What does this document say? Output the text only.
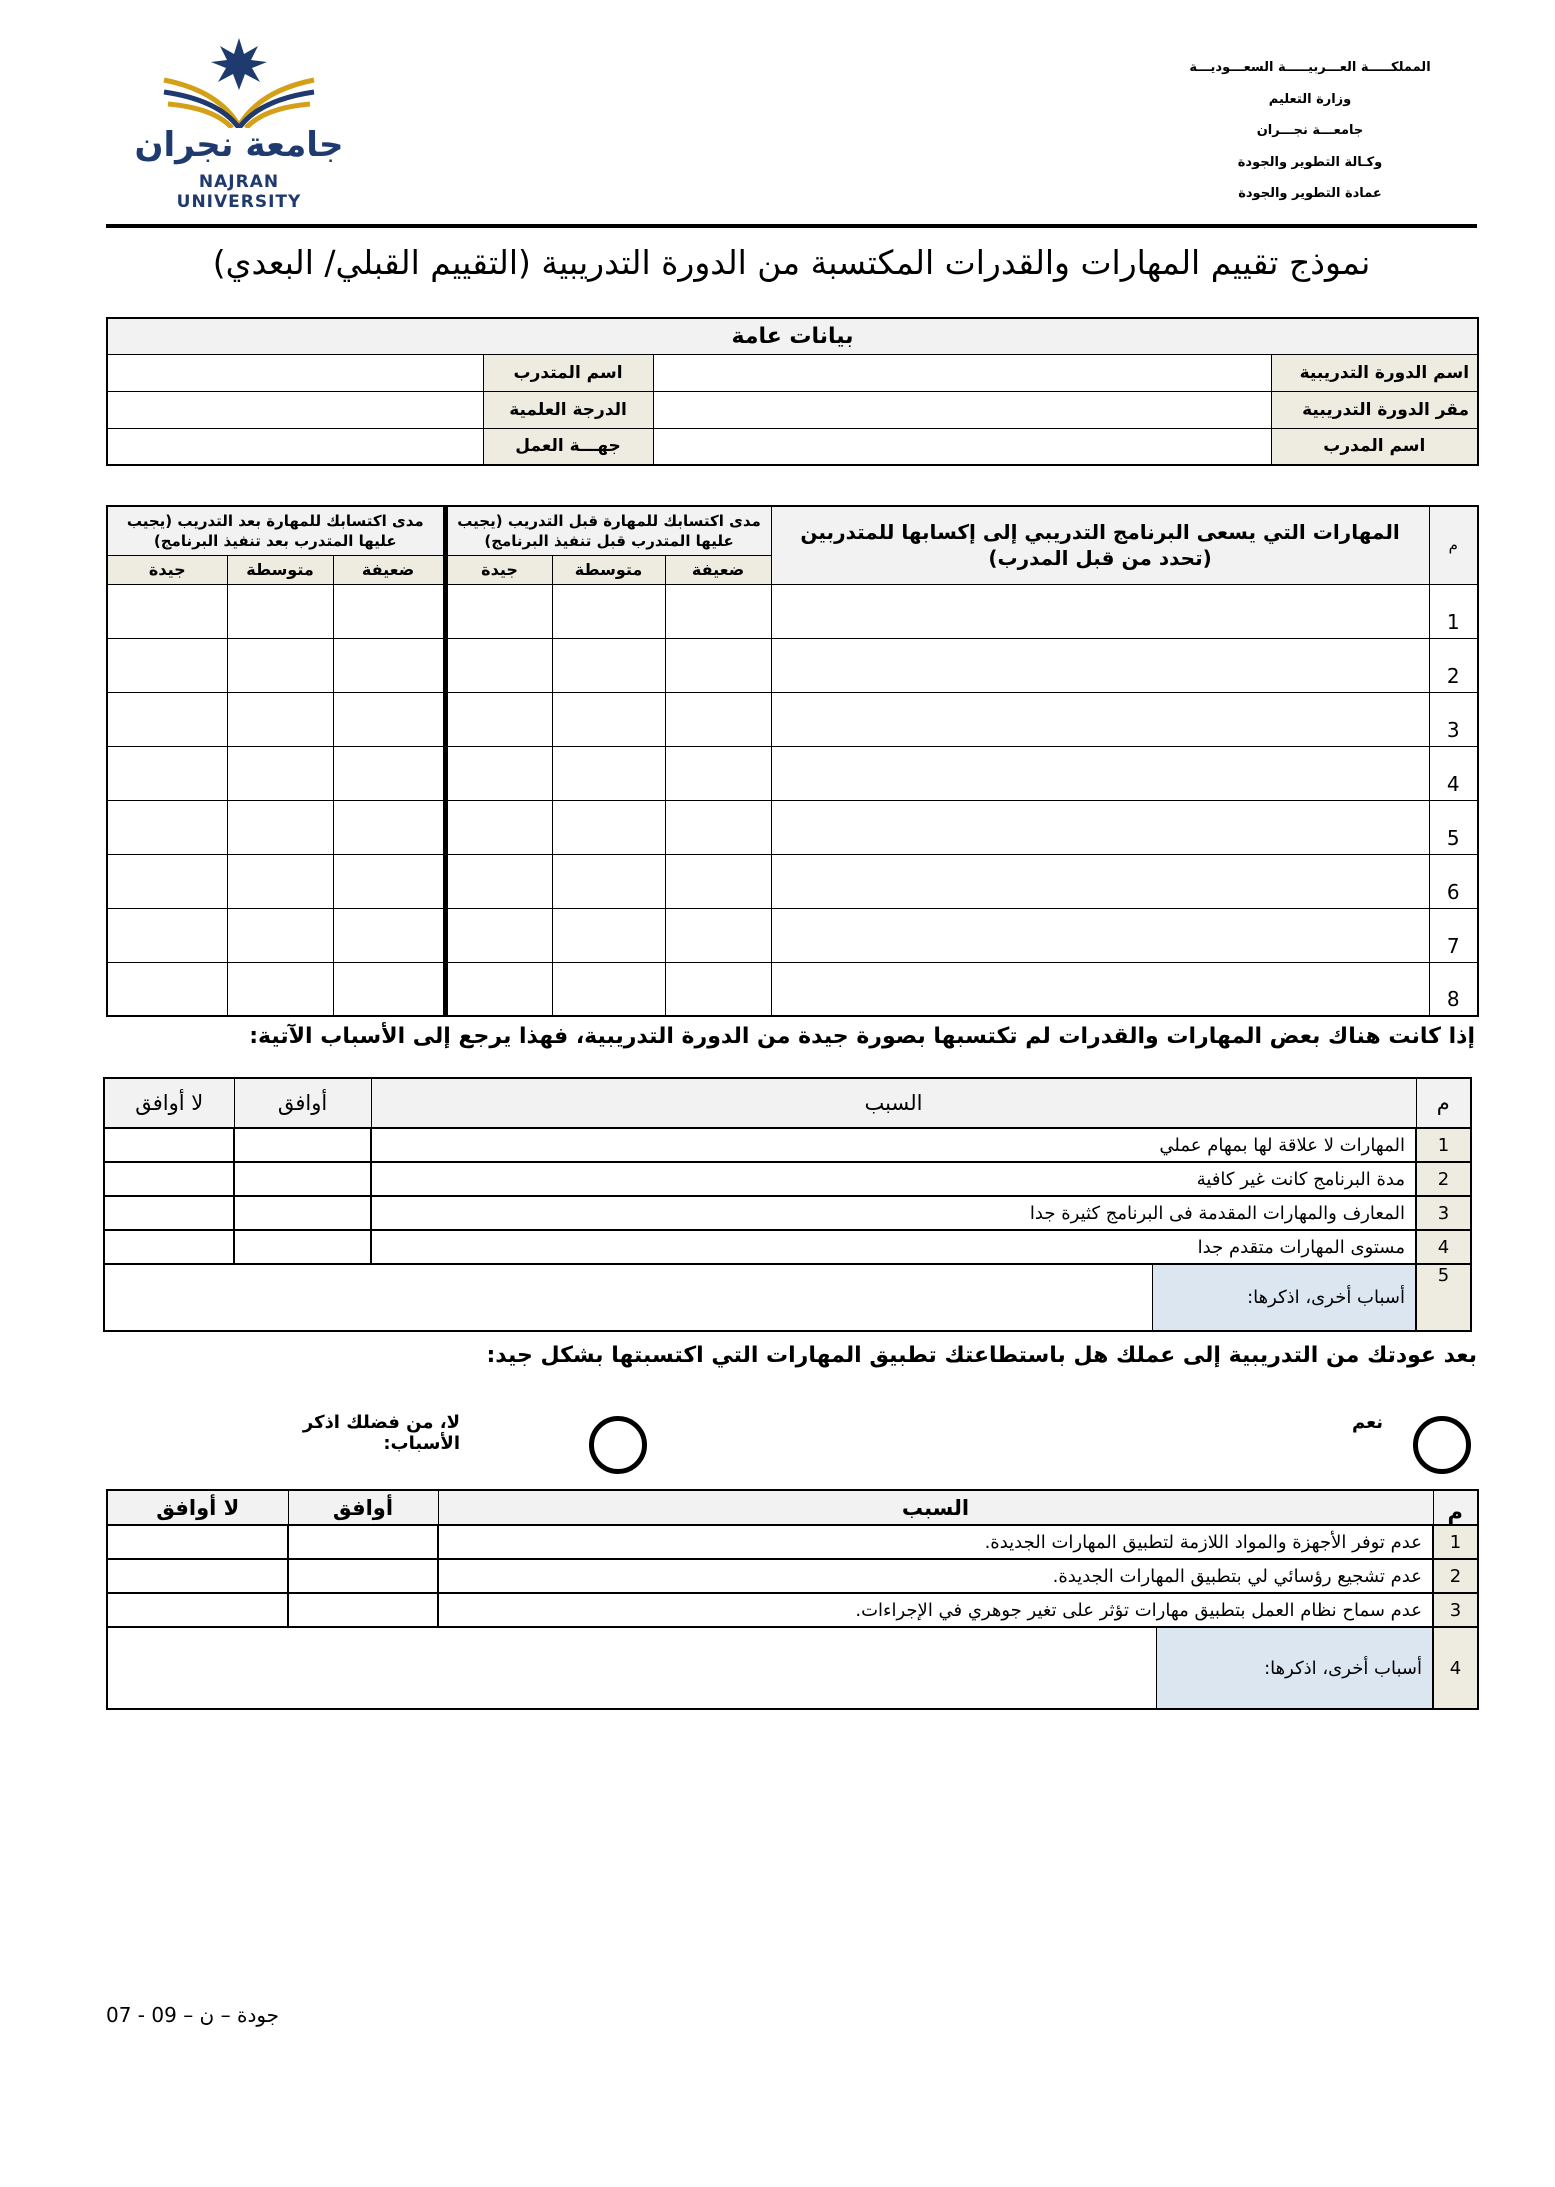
جامعة نجران
NAJRAN UNIVERSITY
المملكـــــة العـــربيـــــة السعـــوديـــة
وزارة التعليم
جامعـــة نجـــران
وكـالة التطوير والجودة
عمادة التطوير والجودة
نموذج تقييم المهارات والقدرات المكتسبة من الدورة التدريبية (التقييم القبلي/ البعدي)
بيانات عامة			
اسم الدورة التدريبية		اسم المتدرب	
مقر الدورة التدريبية		الدرجة العلمية	
اسم المدرب		جهـــة العمل	
م	المهارات التي يسعى البرنامج التدريبي إلى إكسابها للمتدربين (تحدد من قبل المدرب)	مدى اكتسابك للمهارة قبل التدريب (يجيب عليها المتدرب قبل تنفيذ البرنامج)			مدى اكتسابك للمهارة بعد التدريب (يجيب عليها المتدرب بعد تنفيذ البرنامج)		
		ضعيفة	متوسطة	جيدة	ضعيفة	متوسطة	جيدة
1							
2							
3							
4							
5							
6							
7							
8							
إذا كانت هناك بعض المهارات والقدرات لم تكتسبها بصورة جيدة من الدورة التدريبية، فهذا يرجع إلى الأسباب الآتية:
م	السبب	أوافق	لا أوافق
1	المهارات لا علاقة لها بمهام عملي		
2	مدة البرنامج كانت غير كافية		
3	المعارف والمهارات المقدمة فى البرنامج كثيرة جدا		
4	مستوى المهارات متقدم جدا		
5	أسباب أخرى، اذكرها:		
بعد عودتك من التدريبية إلى عملك هل باستطاعتك تطبيق المهارات التي اكتسبتها بشكل جيد:
نعم
لا، من فضلك اذكر الأسباب:
م	السبب	أوافق	لا أوافق
1	عدم توفر الأجهزة والمواد اللازمة لتطبيق المهارات الجديدة.		
2	عدم تشجيع رؤسائي لي بتطبيق المهارات الجديدة.		
3	عدم سماح نظام العمل بتطبيق مهارات تؤثر على تغير جوهري في الإجراءات.		
4	أسباب أخرى، اذكرها:		
جودة – ن – 09 - 07
